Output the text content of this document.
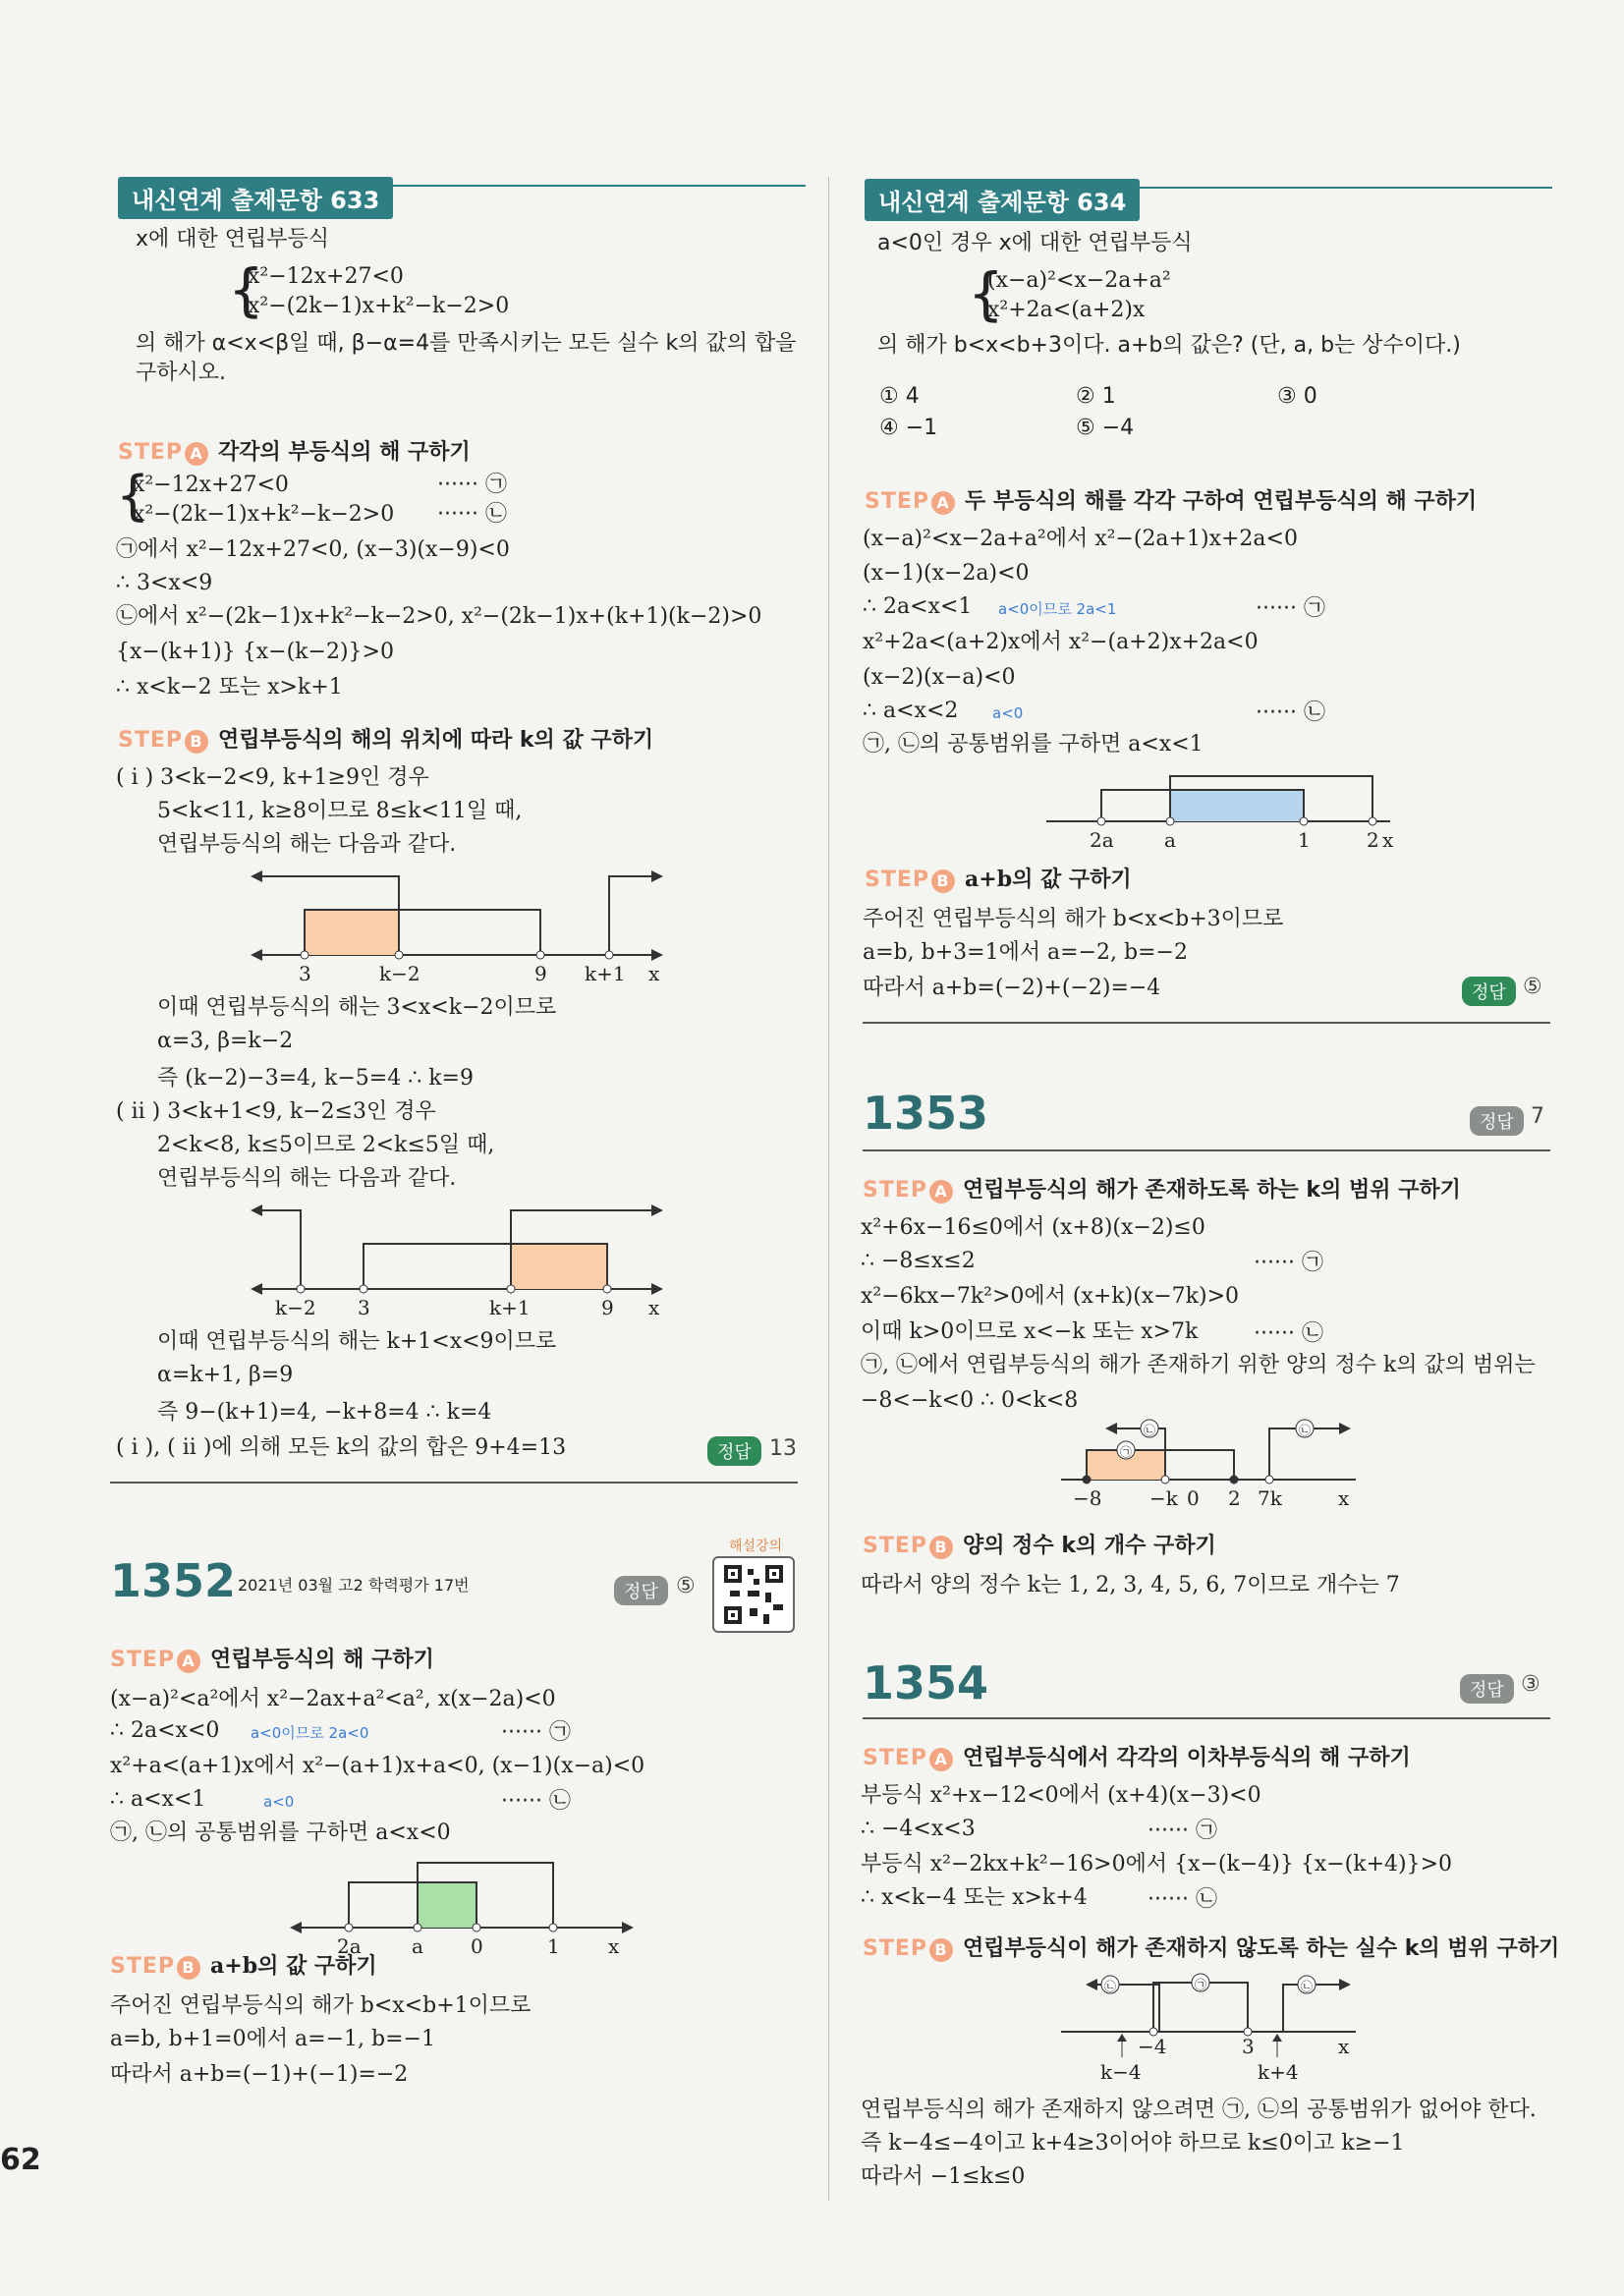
62
내신연계 출제문항 633
x에 대한 연립부등식
{
x²−12x+27<0
x²−(2k−1)x+k²−k−2>0
의 해가 α<x<β일 때, β−α=4를 만족시키는 모든 실수 k의 값의 합을
구하시오.
STEP A 각각의 부등식의 해 구하기
{
x²−12x+27<0	······ ㉠
x²−(2k−1)x+k²−k−2>0 ······ ㉡
㉠에서 x²−12x+27<0, (x−3)(x−9)<0
∴ 3<x<9
㉡에서 x²−(2k−1)x+k²−k−2>0, x²−(2k−1)x+(k+1)(k−2)>0
{x−(k+1)} {x−(k−2)}>0
∴ x<k−2 또는 x>k+1
STEP B 연립부등식의 해의 위치에 따라 k의 값 구하기
( i ) 3<k−2<9, k+1≥9인 경우
5<k<11, k≥8이므로 8≤k<11일 때,
연립부등식의 해는 다음과 같다.
3	k−2	9 k+1 x
이때 연립부등식의 해는 3<x<k−2이므로
α=3, β=k−2
즉 (k−2)−3=4, k−5=4 ∴ k=9
( ii ) 3<k+1<9, k−2≤3인 경우
2<k<8, k≤5이므로 2<k≤5일 때,
연립부등식의 해는 다음과 같다.
k−2 3	k+1	9 x
이때 연립부등식의 해는 k+1<x<9이므로
α=k+1, β=9
즉 9−(k+1)=4, −k+8=4 ∴ k=4
( i ), ( ii )에 의해 모든 k의 값의 합은 9+4=13	정답 13
1352 2021년 03월 고2 학력평가 17번	정답 ⑤
해설강의
STEP A 연립부등식의 해 구하기
(x−a)²<a²에서 x²−2ax+a²<a², x(x−2a)<0
∴ 2a<x<0 a<0이므로 2a<0	······ ㉠
x²+a<(a+1)x에서 x²−(a+1)x+a<0, (x−1)(x−a)<0
∴ a<x<1	a<0	······ ㉡
㉠, ㉡의 공통범위를 구하면 a<x<0
2a	a 0	1 x
STEP B a+b의 값 구하기
주어진 연립부등식의 해가 b<x<b+1이므로
a=b, b+1=0에서 a=−1, b=−1
따라서 a+b=(−1)+(−1)=−2
내신연계 출제문항 634
a<0인 경우 x에 대한 연립부등식
{
(x−a)²<x−2a+a²
x²+2a<(a+2)x
의 해가 b<x<b+3이다. a+b의 값은? (단, a, b는 상수이다.)
① 4	② 1	③ 0
④ −1	⑤ −4
STEP A 두 부등식의 해를 각각 구하여 연립부등식의 해 구하기
(x−a)²<x−2a+a²에서 x²−(2a+1)x+2a<0
(x−1)(x−2a)<0
∴ 2a<x<1 a<0이므로 2a<1	······ ㉠
x²+2a<(a+2)x에서 x²−(a+2)x+2a<0
(x−2)(x−a)<0
∴ a<x<2 a<0	······ ㉡
㉠, ㉡의 공통범위를 구하면 a<x<1
2a	a	1	2 x
STEP B a+b의 값 구하기
주어진 연립부등식의 해가 b<x<b+3이므로
a=b, b+3=1에서 a=−2, b=−2
따라서 a+b=(−2)+(−2)=−4	정답 ⑤
1353	정답 7
STEP A 연립부등식의 해가 존재하도록 하는 k의 범위 구하기
x²+6x−16≤0에서 (x+8)(x−2)≤0
∴ −8≤x≤2	······ ㉠
x²−6kx−7k²>0에서 (x+k)(x−7k)>0
이때 k>0이므로 x<−k 또는 x>7k	······ ㉡
㉠, ㉡에서 연립부등식의 해가 존재하기 위한 양의 정수 k의 값의 범위는
−8<−k<0 ∴ 0<k<8
㉠
㉡	㉡
−8 −k 0 2 7k	x
STEP B 양의 정수 k의 개수 구하기
따라서 양의 정수 k는 1, 2, 3, 4, 5, 6, 7이므로 개수는 7
1354	정답 ③
STEP A 연립부등식에서 각각의 이차부등식의 해 구하기
부등식 x²+x−12<0에서 (x+4)(x−3)<0
∴ −4<x<3	······ ㉠
부등식 x²−2kx+k²−16>0에서 {x−(k−4)} {x−(k+4)}>0
∴ x<k−4 또는 x>k+4	······ ㉡
STEP B 연립부등식이 해가 존재하지 않도록 하는 실수 k의 범위 구하기
㉡	㉠	㉡
−4	3	x
k−4	k+4
연립부등식의 해가 존재하지 않으려면 ㉠, ㉡의 공통범위가 없어야 한다.
즉 k−4≤−4이고 k+4≥3이어야 하므로 k≤0이고 k≥−1
따라서 −1≤k≤0
